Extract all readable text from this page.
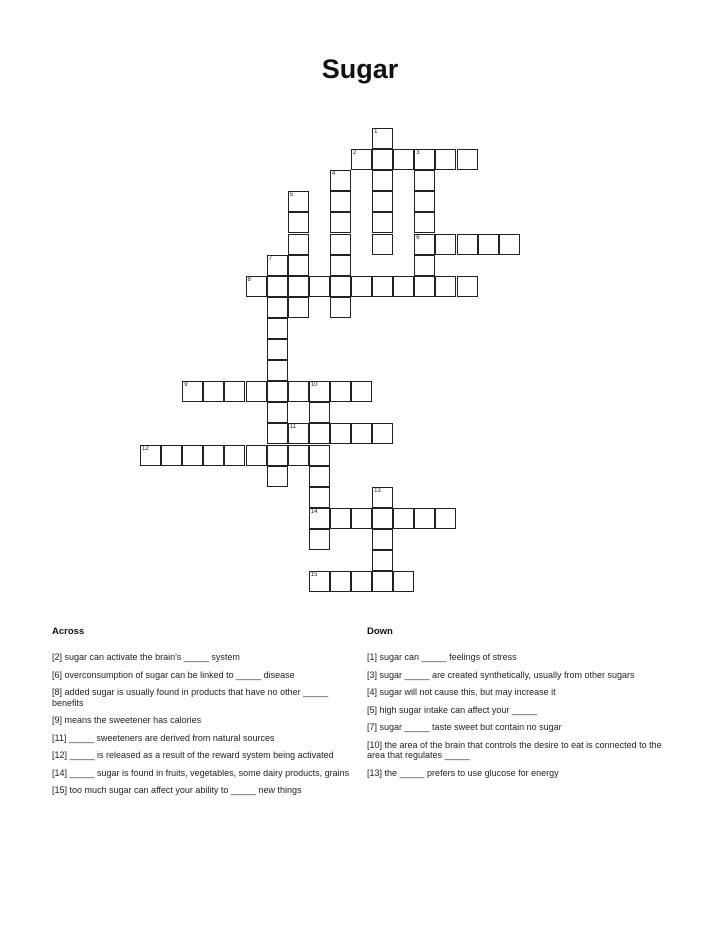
Sugar
1
2	3
6
4
5
7
8
9	10
14
11
12
13
15
Across
[2] sugar can activate the brain's _____ system
[6] overconsumption of sugar can be linked to _____ disease
[8] added sugar is usually found in products that have no other _____ benefits
[9] means the sweetener has calories
[11] _____ sweeteners are derived from natural sources
[12] _____ is released as a result of the reward system being activated
[14] _____ sugar is found in fruits, vegetables, some dairy products, grains
[15] too much sugar can affect your ability to _____ new things
Down
[1] sugar can _____ feelings of stress
[3] sugar _____ are created synthetically, usually from other sugars
[4] sugar will not cause this, but may increase it
[5] high sugar intake can affect your _____
[7] sugar _____ taste sweet but contain no sugar
[10] the area of the brain that controls the desire to eat is connected to the area that regulates _____
[13] the _____ prefers to use glucose for energy
